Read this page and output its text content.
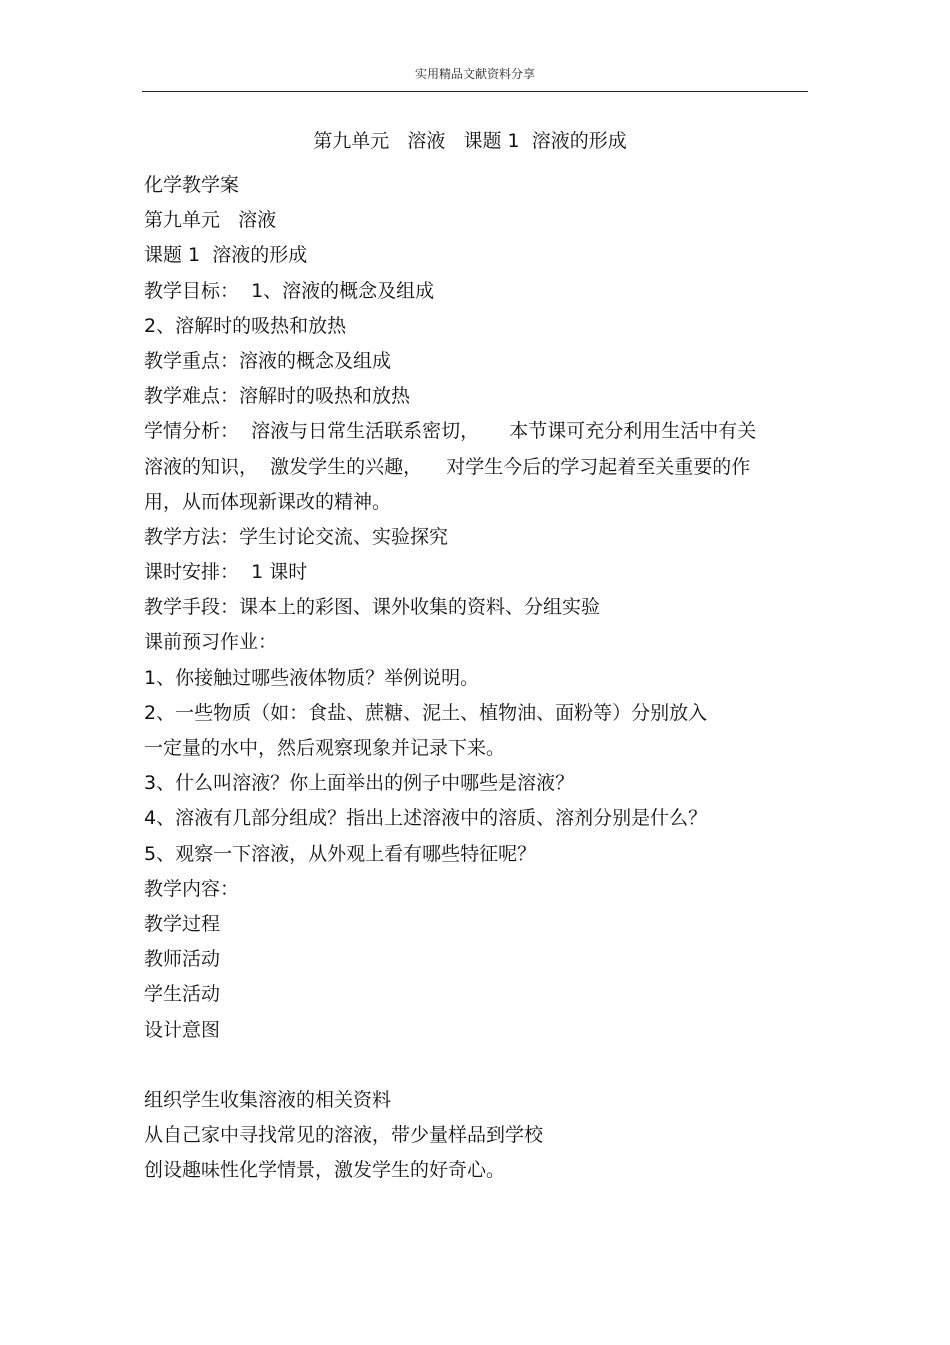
实用精品文献资料分享
第九单元   溶液   课题 1  溶液的形成
化学教学案
第九单元   溶液
课题 1  溶液的形成
教学目标：  1、溶液的概念及组成
2、溶解时的吸热和放热
教学重点：溶液的概念及组成
教学难点：溶解时的吸热和放热
学情分析：  溶液与日常生活联系密切，     本节课可充分利用生活中有关
溶液的知识，  激发学生的兴趣，    对学生今后的学习起着至关重要的作
用，从而体现新课改的精神。
教学方法：学生讨论交流、实验探究
课时安排：  1 课时
教学手段：课本上的彩图、课外收集的资料、分组实验
课前预习作业：
1、你接触过哪些液体物质？举例说明。
2、一些物质（如：食盐、蔗糖、泥土、植物油、面粉等）分别放入
一定量的水中，然后观察现象并记录下来。
3、什么叫溶液？你上面举出的例子中哪些是溶液？
4、溶液有几部分组成？指出上述溶液中的溶质、溶剂分别是什么？
5、观察一下溶液，从外观上看有哪些特征呢？
教学内容：
教学过程
教师活动
学生活动
设计意图
组织学生收集溶液的相关资料
从自己家中寻找常见的溶液，带少量样品到学校
创设趣味性化学情景，激发学生的好奇心。
